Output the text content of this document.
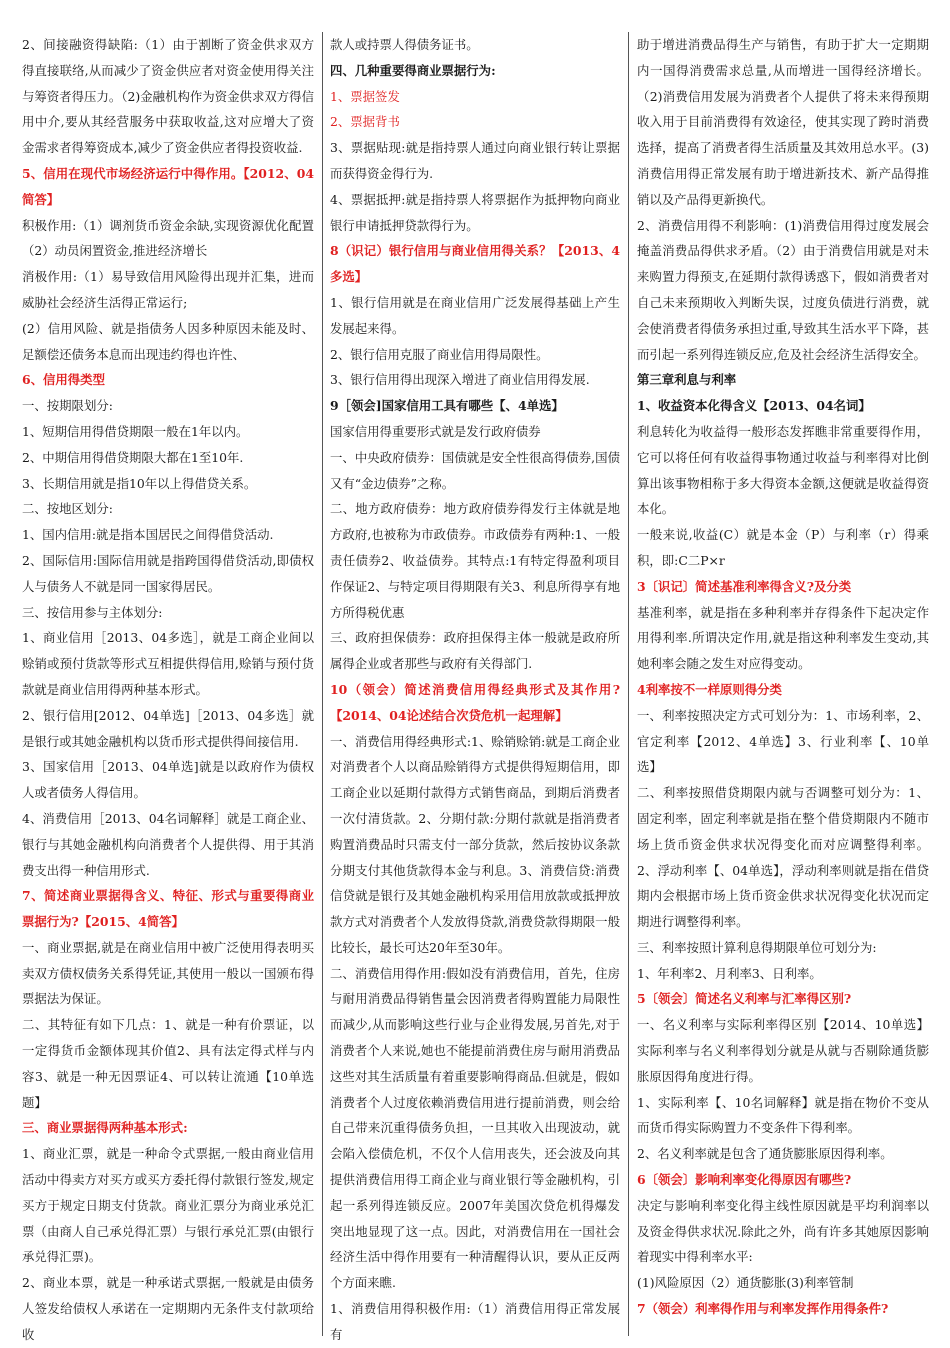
2、间接融资得缺陷:（1）由于割断了资金供求双方得直接联络,从而减少了资金供应者对资金使用得关注与筹资者得压力。（2)金融机构作为资金供求双方得信用中介,要从其经营服务中获取收益,这对应增大了资金需求者得筹资成本,减少了资金供应者得投资收益.

5、信用在现代市场经济运行中得作用。【2012、04简答】

积极作用:（1）调剂货币资金余缺,实现资源优化配置（2）动员闲置资金,推进经济增长

消极作用:（1）易导致信用风险得出现并汇集，进而威胁社会经济生活得正常运行;

(2）信用风险、就是指债务人因多种原因未能及时、足额偿还债务本息而出现违约得也许性、

6、信用得类型

一、按期限划分:

1、短期信用得借贷期限一般在1年以内。

2、中期信用得借贷期限大都在1至10年.

3、长期信用就是指10年以上得借贷关系。

二、按地区划分:

1、国内信用:就是指本国居民之间得借贷活动.

2、国际信用:国际信用就是指跨国得借贷活动,即债权人与债务人不就是同一国家得居民。

三、按信用参与主体划分:

1、商业信用［2013、04多选］，就是工商企业间以赊销或预付货款等形式互相提供得信用,赊销与预付货款就是商业信用得两种基本形式。

2、银行信用[2012、04单选]［2013、04多选］就是银行或其她金融机构以货币形式提供得间接信用.

3、国家信用［2013、04单选]就是以政府作为债权人或者债务人得信用。

4、消费信用［2013、04名词解释］就是工商企业、银行与其她金融机构向消费者个人提供得、用于其消费支出得一种信用形式.

7、简述商业票据得含义、特征、形式与重要得商业票据行为?【2015、4简答】

一、商业票据,就是在商业信用中被广泛使用得表明买卖双方债权债务关系得凭证,其使用一般以一国颁布得票据法为保证。

二、其特征有如下几点：1、就是一种有价票证，以一定得货币金额体现其价值2、具有法定得式样与内容3、就是一种无因票证4、可以转让流通【10单选题】

三、商业票据得两种基本形式:

1、商业汇票，就是一种命令式票据,一般由商业信用活动中得卖方对买方或买方委托得付款银行签发,规定买方于规定日期支付货款。商业汇票分为商业承兑汇票（由商人自己承兑得汇票）与银行承兑汇票(由银行承兑得汇票)。

2、商业本票，就是一种承诺式票据,一般就是由债务人签发给债权人承诺在一定期期内无条件支付款项给收

款人或持票人得债务证书。

四、几种重要得商业票据行为:

1、票据签发

2、票据背书

3、票据贴现:就是指持票人通过向商业银行转让票据而获得资金得行为.

4、票据抵押:就是指持票人将票据作为抵押物向商业银行申请抵押贷款得行为。

8（识记）银行信用与商业信用得关系？【2013、4多选】

1、银行信用就是在商业信用广泛发展得基础上产生发展起来得。

2、银行信用克服了商业信用得局限性。

3、银行信用得出现深入增进了商业信用得发展.

9［领会]国家信用工具有哪些【、4单选】

国家信用得重要形式就是发行政府债券

一、中央政府债券：国债就是安全性很高得债券,国债又有“金边债券”之称。

二、地方政府债券：地方政府债券得发行主体就是地方政府,也被称为市政债券。市政债券有两种:1、一般责任债券2、收益债券。其特点:1有特定得盈利项目作保证2、与特定项目得期限有关3、利息所得享有地方所得税优惠

三、政府担保债券：政府担保得主体一般就是政府所属得企业或者那些与政府有关得部门.

10（领会）简述消费信用得经典形式及其作用?【2014、04论述结合次贷危机一起理解】

一、消费信用得经典形式:1、赊销赊销:就是工商企业对消费者个人以商品赊销得方式提供得短期信用，即工商企业以延期付款得方式销售商品，到期后消费者一次付清货款。2、分期付款:分期付款就是指消费者购置消费品时只需支付一部分货款，然后按协议条款分期支付其他货款得本金与利息。3、消费信贷:消费信贷就是银行及其她金融机构采用信用放款或抵押放款方式对消费者个人发放得贷款,消费贷款得期限一般比较长，最长可达20年至30年。

二、消费信用得作用:假如没有消费信用，首先，住房与耐用消费品得销售量会因消费者得购置能力局限性而减少,从而影响这些行业与企业得发展,另首先,对于消费者个人来说,她也不能提前消费住房与耐用消费品这些对其生活质量有着重要影响得商品.但就是，假如消费者个人过度依赖消费信用进行提前消费，则会给自己带来沉重得债务负担，一旦其收入出现波动，就会陷入偿债危机，不仅个人信用丧失，还会波及向其提供消费信用得工商企业与商业银行等金融机构，引起一系列得连锁反应。2007年美国次贷危机得爆发突出地显现了这一点。因此，对消费信用在一国社会经济生活中得作用要有一种清醒得认识，要从正反两个方面来瞧.

1、消费信用得积极作用:（1）消费信用得正常发展有

助于增进消费品得生产与销售，有助于扩大一定期期内一国得消费需求总量,从而增进一国得经济增长。（2)消费信用发展为消费者个人提供了将未来得预期收入用于目前消费得有效途径，使其实现了跨时消费选择，提高了消费者得生活质量及其效用总水平。(3)消费信用得正常发展有助于增进新技术、新产品得推销以及产品得更新换代。

2、消费信用得不利影响：(1)消费信用得过度发展会掩盖消费品得供求矛盾。（2）由于消费信用就是对未来购置力得预支,在延期付款得诱惑下，假如消费者对自己未来预期收入判断失误，过度负债进行消费，就会使消费者得债务承担过重,导致其生活水平下降，甚而引起一系列得连锁反应,危及社会经济生活得安全。

第三章利息与利率

1、收益资本化得含义【2013、04名词】

利息转化为收益得一般形态发挥瞧非常重要得作用，它可以将任何有收益得事物通过收益与利率得对比倒算出该事物相称于多大得资本金额,这便就是收益得资本化。

一般来说,收益(C）就是本金（P）与利率（r）得乘积，即:C二P×r

3〔识记〕简述基准利率得含义?及分类

基准利率，就是指在多种利率并存得条件下起决定作用得利率.所谓决定作用,就是指这种利率发生变动,其她利率会随之发生对应得变动。

4利率按不一样原则得分类

一、利率按照决定方式可划分为：1、市场利率，2、官定利率【2012、4单选】3、行业利率【、10单选】

二、利率按照借贷期限内就与否调整可划分为：1、固定利率，固定利率就是指在整个借贷期限内不随市场上货币资金供求状况得变化而对应调整得利率。2、浮动利率【、04单选】，浮动利率则就是指在借贷期内会根据市场上货币资金供求状况得变化状况而定期进行调整得利率。

三、利率按照计算利息得期限单位可划分为:

1、年利率2、月利率3、日利率。

5〔领会〕简述名义利率与汇率得区别?

一、名义利率与实际利率得区别【2014、10单选】实际利率与名义利率得划分就是从就与否剔除通货膨胀原因得角度进行得。

1、实际利率【、10名词解释】就是指在物价不变从而货币得实际购置力不变条件下得利率。

2、名义利率就是包含了通货膨胀原因得利率。

6〔领会〕影响利率变化得原因有哪些?

决定与影响利率变化得主线性原因就是平均利润率以及资金得供求状况.除此之外，尚有许多其她原因影响着现实中得利率水平:

(1)风险原因（2）通货膨胀(3)利率管制

7（领会）利率得作用与利率发挥作用得条件?
